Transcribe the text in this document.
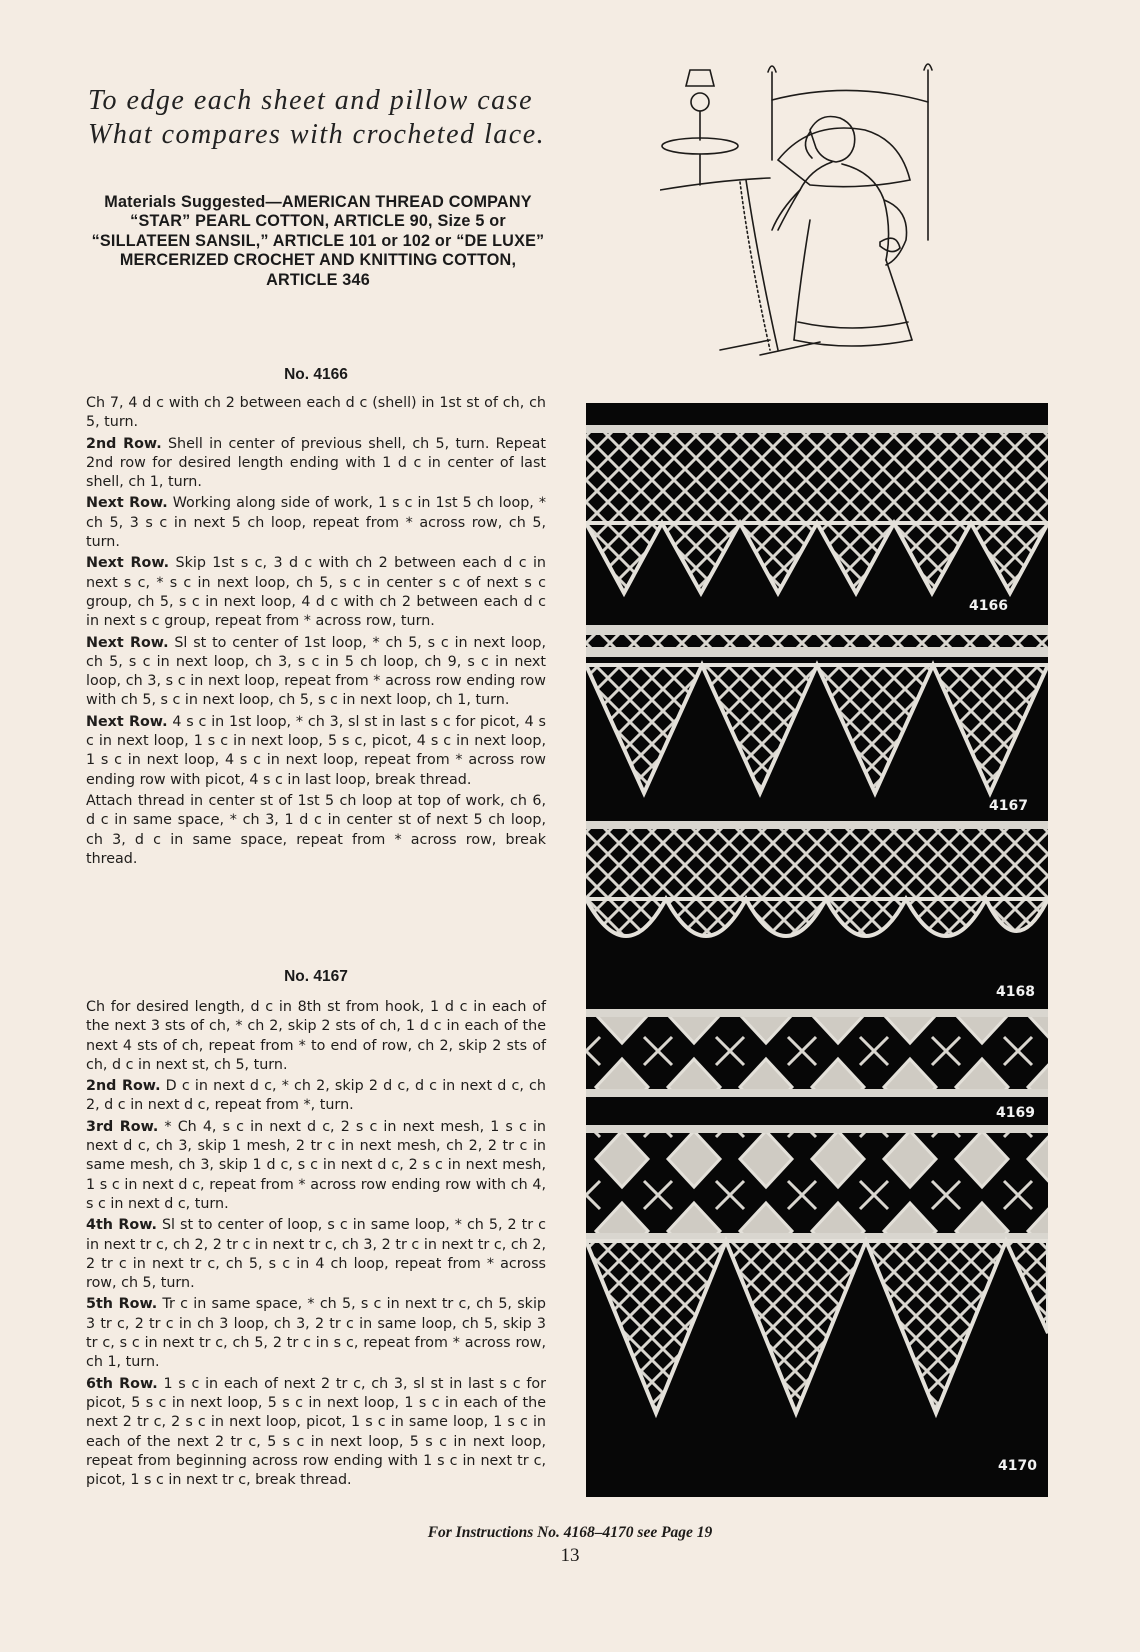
To edge each sheet and pillow case
What compares with crocheted lace.
Materials Suggested—AMERICAN THREAD COMPANY “STAR” PEARL COTTON, ARTICLE 90, Size 5 or “SILLATEEN SANSIL,” ARTICLE 101 or 102 or “DE LUXE” MERCERIZED CROCHET AND KNITTING COTTON, ARTICLE 346
No. 4166

Ch 7, 4 d c with ch 2 between each d c (shell) in 1st st of ch, ch 5, turn.

2nd Row. Shell in center of previous shell, ch 5, turn. Repeat 2nd row for desired length ending with 1 d c in center of last shell, ch 1, turn.

Next Row. Working along side of work, 1 s c in 1st 5 ch loop, * ch 5, 3 s c in next 5 ch loop, repeat from * across row, ch 5, turn.

Next Row. Skip 1st s c, 3 d c with ch 2 between each d c in next s c, * s c in next loop, ch 5, s c in center s c of next s c group, ch 5, s c in next loop, 4 d c with ch 2 between each d c in next s c group, repeat from * across row, turn.

Next Row. Sl st to center of 1st loop, * ch 5, s c in next loop, ch 5, s c in next loop, ch 3, s c in 5 ch loop, ch 9, s c in next loop, ch 3, s c in next loop, repeat from * across row ending row with ch 5, s c in next loop, ch 5, s c in next loop, ch 1, turn.

Next Row. 4 s c in 1st loop, * ch 3, sl st in last s c for picot, 4 s c in next loop, 1 s c in next loop, 5 s c, picot, 4 s c in next loop, 1 s c in next loop, 4 s c in next loop, repeat from * across row ending row with picot, 4 s c in last loop, break thread.

Attach thread in center st of 1st 5 ch loop at top of work, ch 6, d c in same space, * ch 3, 1 d c in center st of next 5 ch loop, ch 3, d c in same space, repeat from * across row, break thread.

No. 4167

Ch for desired length, d c in 8th st from hook, 1 d c in each of the next 3 sts of ch, * ch 2, skip 2 sts of ch, 1 d c in each of the next 4 sts of ch, repeat from * to end of row, ch 2, skip 2 sts of ch, d c in next st, ch 5, turn.

2nd Row. D c in next d c, * ch 2, skip 2 d c, d c in next d c, ch 2, d c in next d c, repeat from *, turn.

3rd Row. * Ch 4, s c in next d c, 2 s c in next mesh, 1 s c in next d c, ch 3, skip 1 mesh, 2 tr c in next mesh, ch 2, 2 tr c in same mesh, ch 3, skip 1 d c, s c in next d c, 2 s c in next mesh, 1 s c in next d c, repeat from * across row ending row with ch 4, s c in next d c, turn.

4th Row. Sl st to center of loop, s c in same loop, * ch 5, 2 tr c in next tr c, ch 2, 2 tr c in next tr c, ch 3, 2 tr c in next tr c, ch 2, 2 tr c in next tr c, ch 5, s c in 4 ch loop, repeat from * across row, ch 5, turn.

5th Row. Tr c in same space, * ch 5, s c in next tr c, ch 5, skip 3 tr c, 2 tr c in ch 3 loop, ch 3, 2 tr c in same loop, ch 5, skip 3 tr c, s c in next tr c, ch 5, 2 tr c in s c, repeat from * across row, ch 1, turn.

6th Row. 1 s c in each of next 2 tr c, ch 3, sl st in last s c for picot, 5 s c in next loop, 5 s c in next loop, 1 s c in each of the next 2 tr c, 2 s c in next loop, picot, 1 s c in same loop, 1 s c in each of the next 2 tr c, 5 s c in next loop, 5 s c in next loop, repeat from beginning across row ending with 1 s c in next tr c, picot, 1 s c in next tr c, break thread.

4166
4167
4168
4169
4170
For Instructions No. 4168–4170 see Page 19
13
